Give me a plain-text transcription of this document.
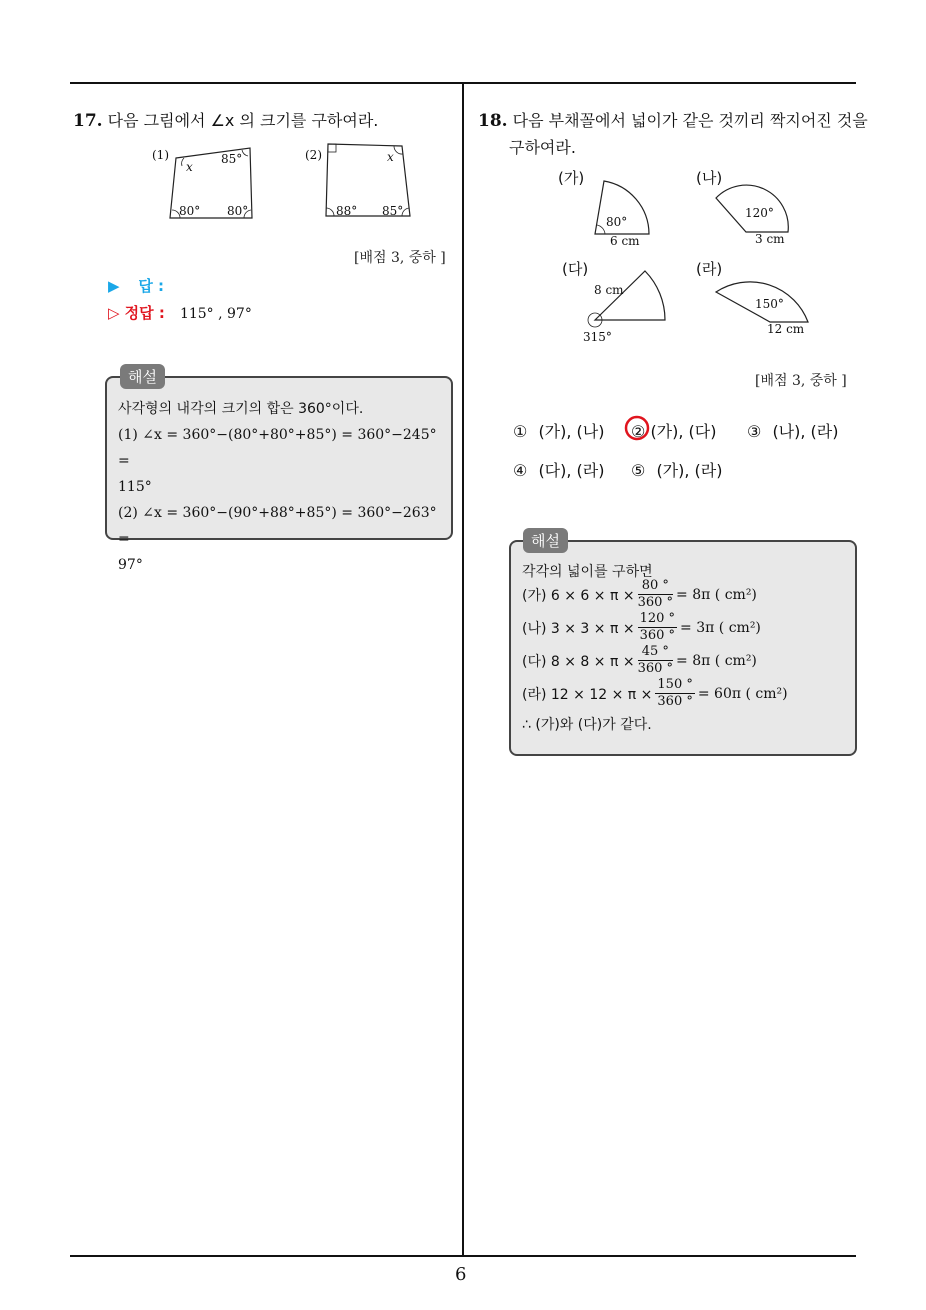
6
17. 다음 그림에서 ∠x 의 크기를 구하여라.
(1)
x
85°
80° 80°
(2)	x
88° 85°
[배점 3, 중하 ]
▶ 답 :
▷ 정답 : 115° , 97°
해설
사각형의 내각의 크기의 합은 360°이다.
(1) ∠x = 360°−(80°+80°+85°) = 360°−245° =
115°
(2) ∠x = 360°−(90°+88°+85°) = 360°−263° =
97°
18. 다음 부채꼴에서 넓이가 같은 것끼리 짝지어진 것을
구하여라.
(가)
80°
6 cm
(나)
120°
3 cm
(다)
8 cm
315°
(라)
150°
12 cm
[배점 3, 중하 ]
① (가), (나) ② (가), (다) ③ (나), (라)
④ (다), (라) ⑤ (가), (라)
해설
각각의 넓이를 구하면
(가) $6 \times 6 \times \pi \times \frac{80 ^\circ}{360 ^\circ} = 8\pi$ ( cm²)
(나) $3 \times 3 \times \pi \times \frac{120 ^\circ}{360 ^\circ} = 3\pi$ ( cm²)
(다) $8 \times 8 \times \pi \times \frac{45 ^\circ}{360 ^\circ} = 8\pi$ ( cm²)
(라) $12 \times 12 \times \pi \times \frac{150 ^\circ}{360 ^\circ} = 60\pi$ ( cm²)
∴ (가)와 (다)가 같다.
